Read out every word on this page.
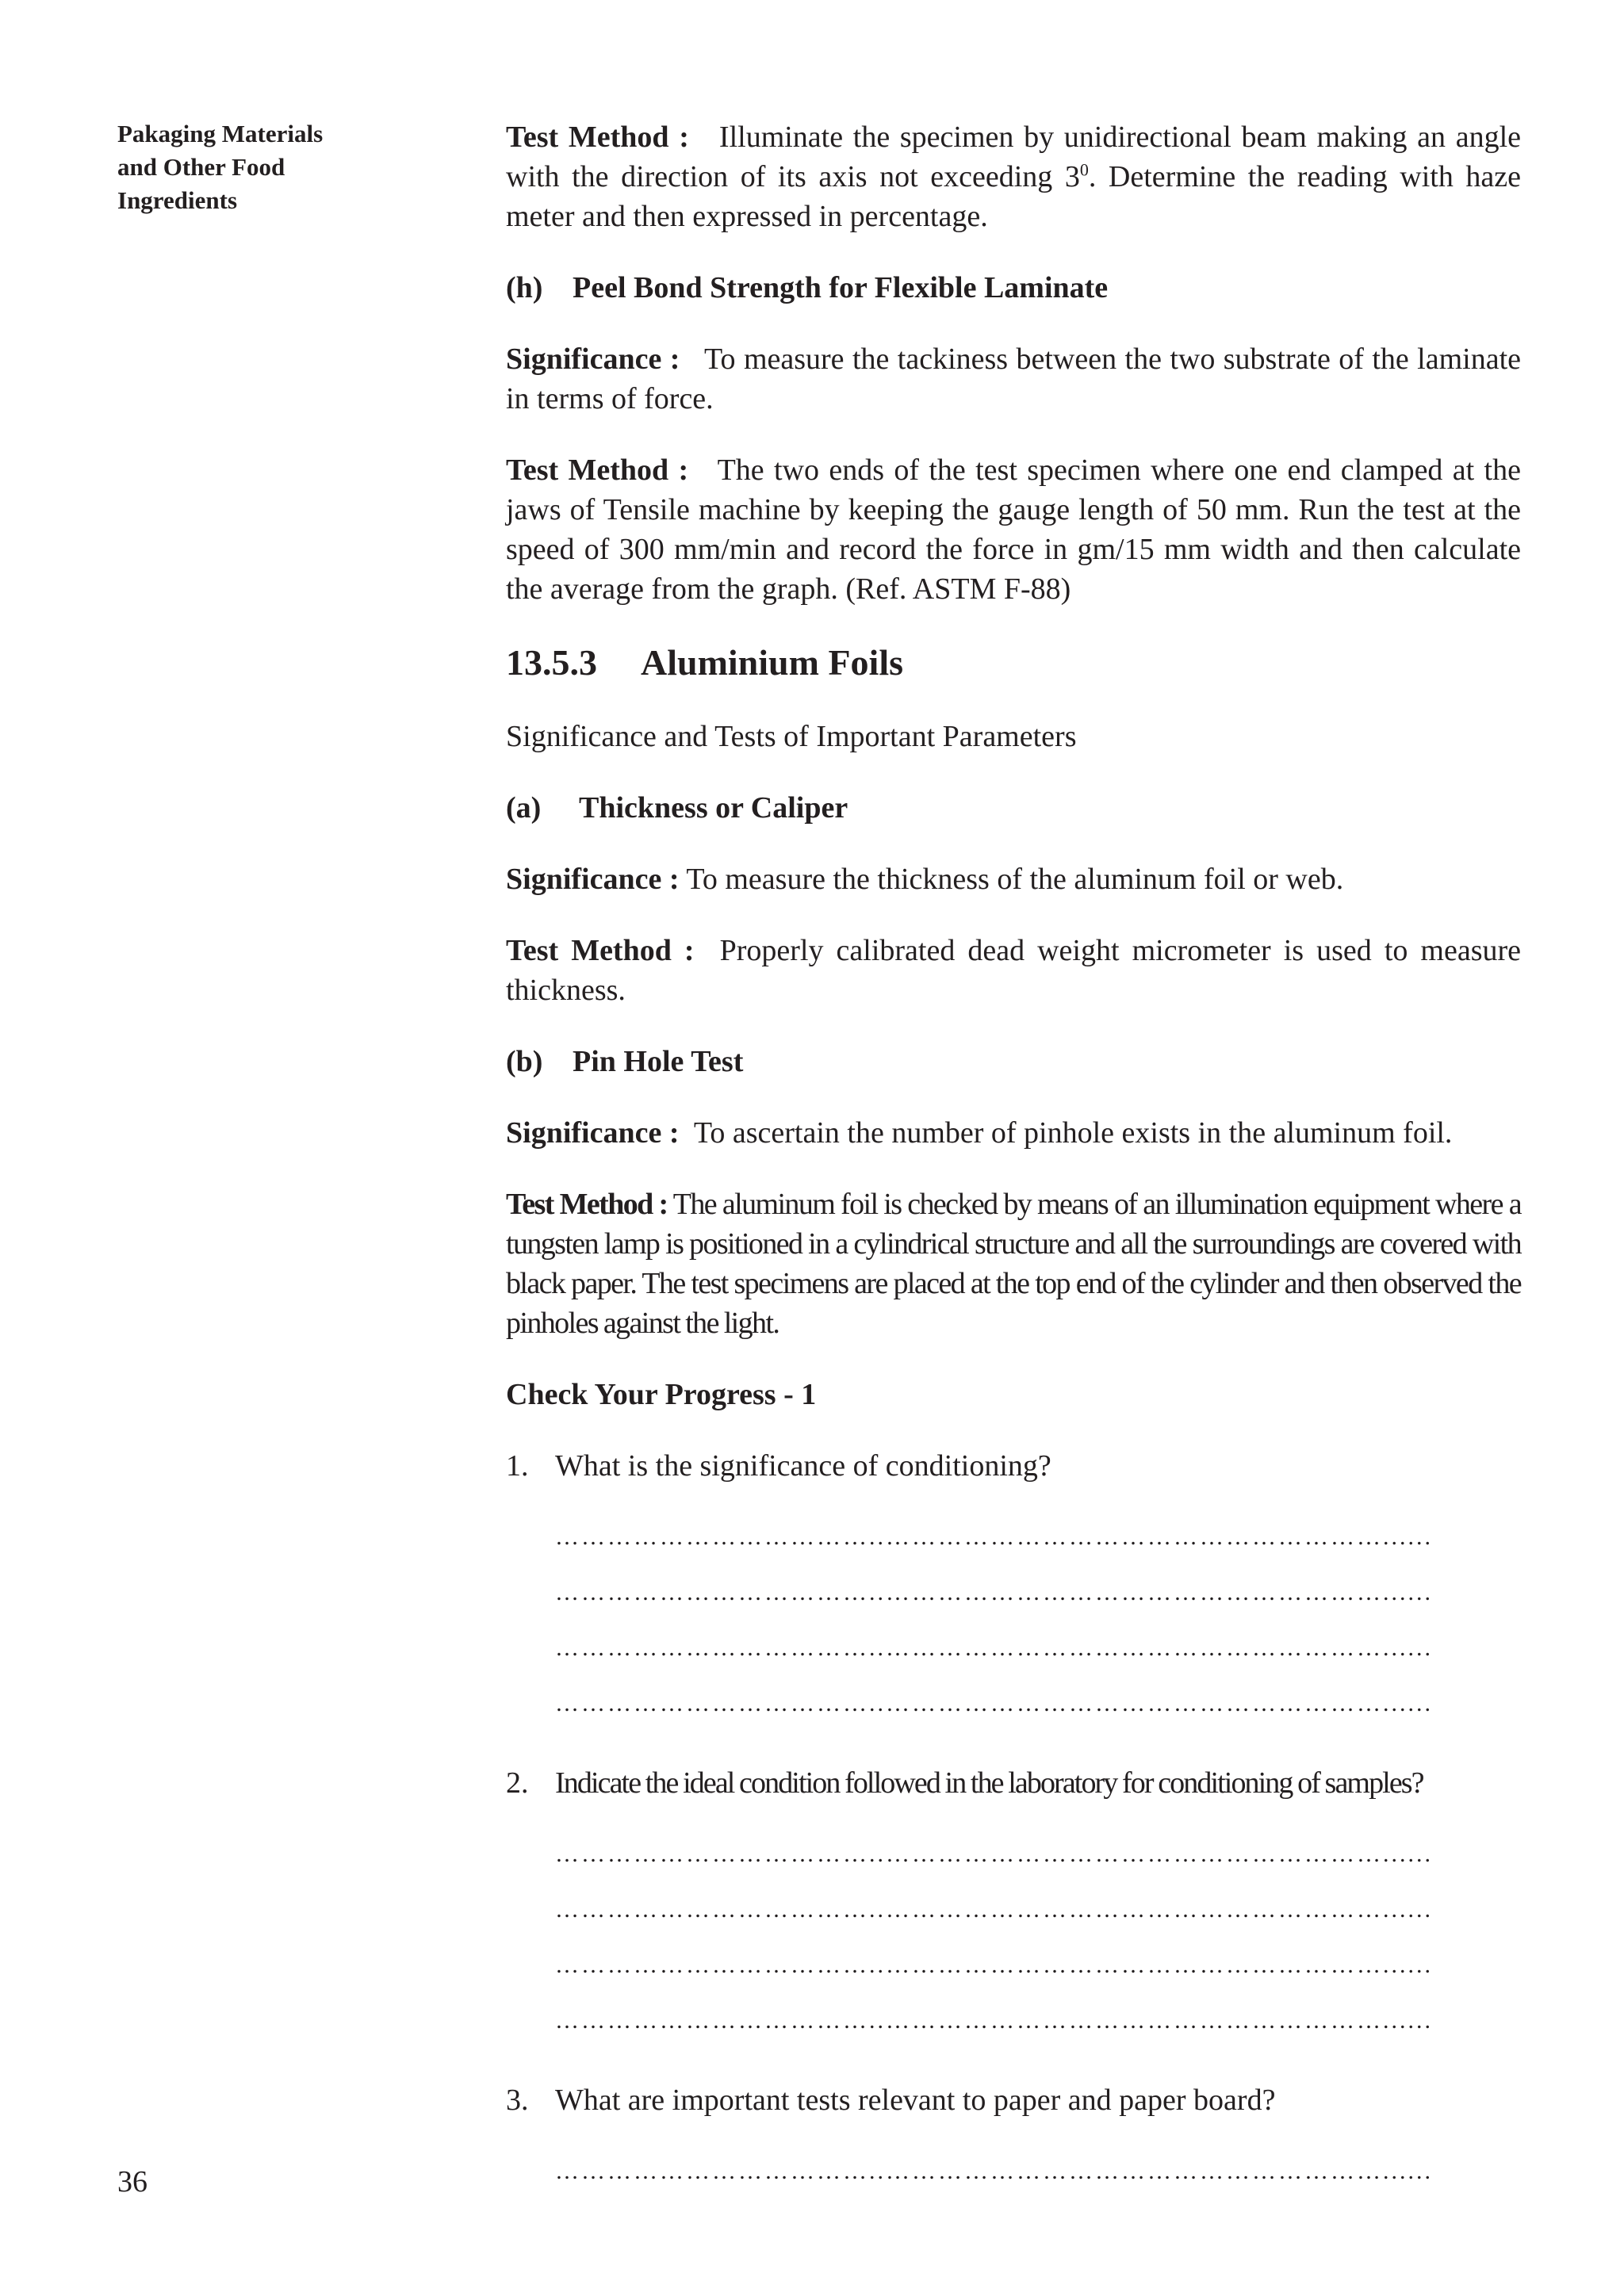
Pakaging Materials
and Other Food
Ingredients
36

Test Method : Illuminate the specimen by unidirectional beam making an angle with the direction of its axis not exceeding $3^0$. Determine the reading with haze meter and then expressed in percentage.

(h) Peel Bond Strength for Flexible Laminate

Significance : To measure the tackiness between the two substrate of the laminate in terms of force.

Test Method : The two ends of the test specimen where one end clamped at the jaws of Tensile machine by keeping the gauge length of 50 mm. Run the test at the speed of 300 mm/min and record the force in gm/15 mm width and then calculate the average from the graph. (Ref. ASTM F-88)

13.5.3 Aluminium Foils

Significance and Tests of Important Parameters

(a) Thickness or Caliper

Significance : To measure the thickness of the aluminum foil or web.

Test Method : Properly calibrated dead weight micrometer is used to measure thickness.

(b) Pin Hole Test

Significance : To ascertain the number of pinhole exists in the aluminum foil.

Test Method : The aluminum foil is checked by means of an illumination equipment where a tungsten lamp is positioned in a cylindrical structure and all the surroundings are covered with black paper. The test specimens are placed at the top end of the cylinder and then observed the pinholes against the light.

Check Your Progress - 1
1. What is the significance of conditioning?
………………………………..…………………………………………………......
………………………………..…………………………………………………......
………………………………..…………………………………………………......
………………………………..…………………………………………………......
2. Indicate the ideal condition followed in the laboratory for conditioning of samples?
………………………………..…………………………………………………......
………………………………..…………………………………………………......
………………………………..…………………………………………………......
………………………………..…………………………………………………......
3. What are important tests relevant to paper and paper board?
………………………………..…………………………………………………......
